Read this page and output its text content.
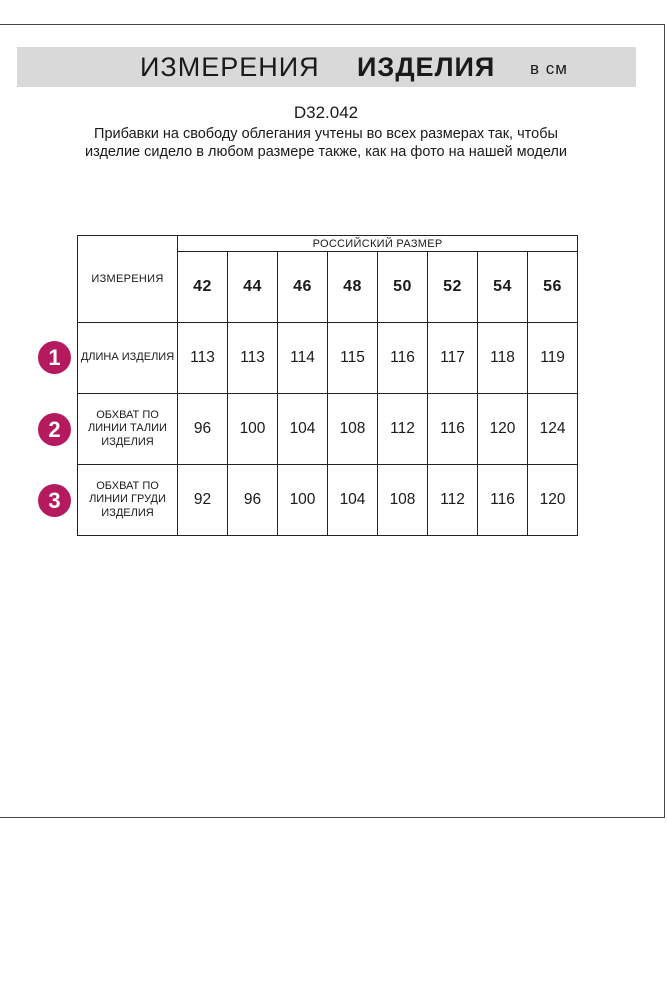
ИЗМЕРЕНИЯ ИЗДЕЛИЯ в см
D32.042
Прибавки на свободу облегания учтены во всех размерах так, чтобы изделие сидело в любом размере также, как на фото на нашей модели
ИЗМЕРЕНИЯ	РОССИЙСКИЙ РАЗМЕР							
	42	44	46	48	50	52	54	56
ДЛИНА ИЗДЕЛИЯ	113	113	114	115	116	117	118	119
ОБХВАТ ПО ЛИНИИ ТАЛИИ ИЗДЕЛИЯ	96	100	104	108	112	116	120	124
ОБХВАТ ПО ЛИНИИ ГРУДИ ИЗДЕЛИЯ	92	96	100	104	108	112	116	120
1
2
3
